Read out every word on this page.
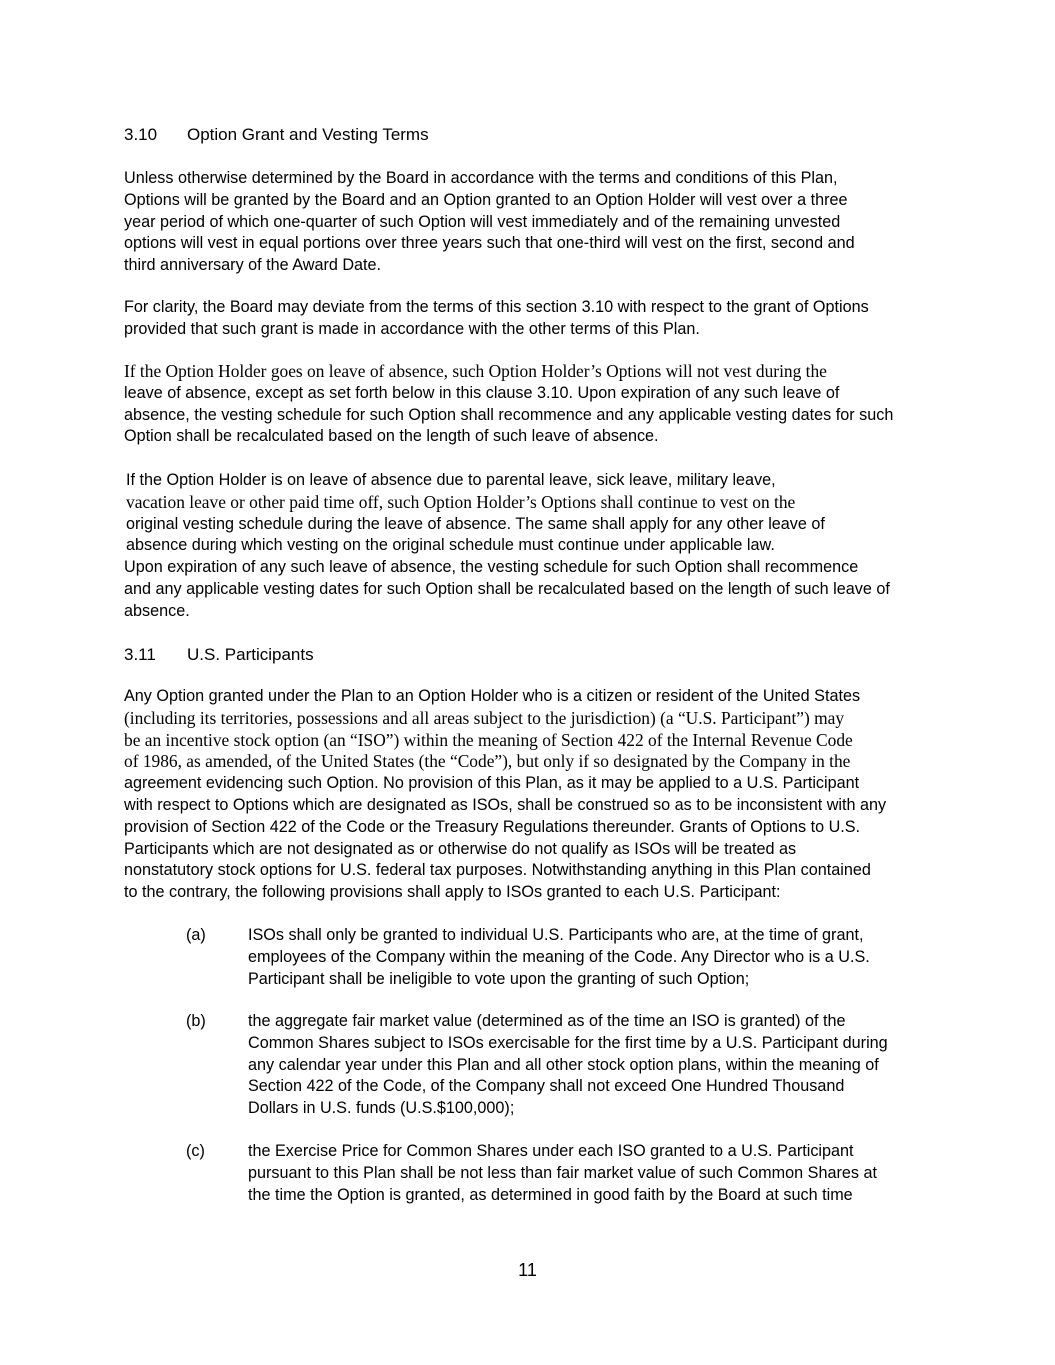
3.10 Option Grant and Vesting Terms
Unless otherwise determined by the Board in accordance with the terms and conditions of this Plan,
Options will be granted by the Board and an Option granted to an Option Holder will vest over a three
year period of which one-quarter of such Option will vest immediately and of the remaining unvested
options will vest in equal portions over three years such that one-third will vest on the first, second and
third anniversary of the Award Date.
For clarity, the Board may deviate from the terms of this section 3.10 with respect to the grant of Options
provided that such grant is made in accordance with the other terms of this Plan.
If the Option Holder goes on leave of absence, such Option Holder’s Options will not vest during the
leave of absence, except as set forth below in this clause 3.10. Upon expiration of any such leave of
absence, the vesting schedule for such Option shall recommence and any applicable vesting dates for such
Option shall be recalculated based on the length of such leave of absence.
If the Option Holder is on leave of absence due to parental leave, sick leave, military leave,
vacation leave or other paid time off, such Option Holder’s Options shall continue to vest on the
original vesting schedule during the leave of absence. The same shall apply for any other leave of
absence during which vesting on the original schedule must continue under applicable law.
Upon expiration of any such leave of absence, the vesting schedule for such Option shall recommence
and any applicable vesting dates for such Option shall be recalculated based on the length of such leave of
absence.
3.11 U.S. Participants
Any Option granted under the Plan to an Option Holder who is a citizen or resident of the United States
(including its territories, possessions and all areas subject to the jurisdiction) (a “U.S. Participant”) may
be an incentive stock option (an “ISO”) within the meaning of Section 422 of the Internal Revenue Code
of 1986, as amended, of the United States (the “Code”), but only if so designated by the Company in the
agreement evidencing such Option. No provision of this Plan, as it may be applied to a U.S. Participant
with respect to Options which are designated as ISOs, shall be construed so as to be inconsistent with any
provision of Section 422 of the Code or the Treasury Regulations thereunder. Grants of Options to U.S.
Participants which are not designated as or otherwise do not qualify as ISOs will be treated as
nonstatutory stock options for U.S. federal tax purposes. Notwithstanding anything in this Plan contained
to the contrary, the following provisions shall apply to ISOs granted to each U.S. Participant:
(a)	ISOs shall only be granted to individual U.S. Participants who are, at the time of grant,
employees of the Company within the meaning of the Code. Any Director who is a U.S.
Participant shall be ineligible to vote upon the granting of such Option;
(b)	the aggregate fair market value (determined as of the time an ISO is granted) of the
Common Shares subject to ISOs exercisable for the first time by a U.S. Participant during
any calendar year under this Plan and all other stock option plans, within the meaning of
Section 422 of the Code, of the Company shall not exceed One Hundred Thousand
Dollars in U.S. funds (U.S.$100,000);
(c)	the Exercise Price for Common Shares under each ISO granted to a U.S. Participant
pursuant to this Plan shall be not less than fair market value of such Common Shares at
the time the Option is granted, as determined in good faith by the Board at such time
11
